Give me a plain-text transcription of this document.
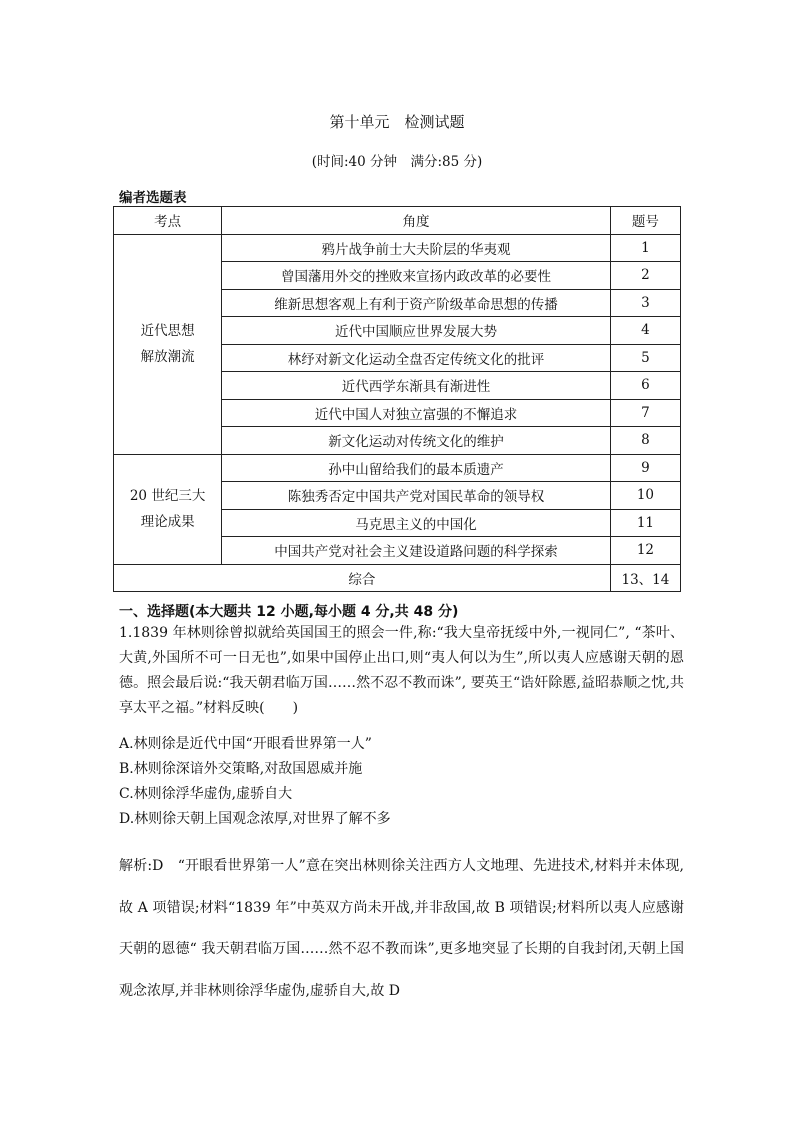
第十单元　检测试题
(时间:40 分钟　满分:85 分)
编者选题表
考点	角度	题号

近代思想
解放潮流	鸦片战争前士大夫阶层的华夷观	1
	曾国藩用外交的挫败来宣扬内政改革的必要性	2
	维新思想客观上有利于资产阶级革命思想的传播	3
	近代中国顺应世界发展大势	4
	林纾对新文化运动全盘否定传统文化的批评	5
	近代西学东渐具有渐进性	6
	近代中国人对独立富强的不懈追求	7
	新文化运动对传统文化的维护	8

20 世纪三大
理论成果	孙中山留给我们的最本质遗产	9
	陈独秀否定中国共产党对国民革命的领导权	10
	马克思主义的中国化	11
	中国共产党对社会主义建设道路问题的科学探索	12
综合		13、14
一、选择题(本大题共 12 小题,每小题 4 分,共 48 分)
1.1839 年林则徐曾拟就给英国国王的照会一件,称:“我大皇帝抚绥中外,一视同仁”, “茶叶、大黄,外国所不可一日无也”,如果中国停止出口,则“夷人何以为生”,所以夷人应感谢天朝的恩德。照会最后说:“我天朝君临万国……然不忍不教而诛”, 要英王“诰奸除慝,益昭恭顺之忱,共享太平之福。”材料反映(　　)
A.林则徐是近代中国“开眼看世界第一人”
B.林则徐深谙外交策略,对敌国恩威并施
C.林则徐浮华虚伪,虚骄自大
D.林则徐天朝上国观念浓厚,对世界了解不多
解析:D　“开眼看世界第一人”意在突出林则徐关注西方人文地理、先进技术,材料并未体现,故 A 项错误;材料“1839 年”中英双方尚未开战,并非敌国,故 B 项错误;材料所以夷人应感谢天朝的恩德“ 我天朝君临万国……然不忍不教而诛”,更多地突显了长期的自我封闭,天朝上国观念浓厚,并非林则徐浮华虚伪,虚骄自大,故 D
